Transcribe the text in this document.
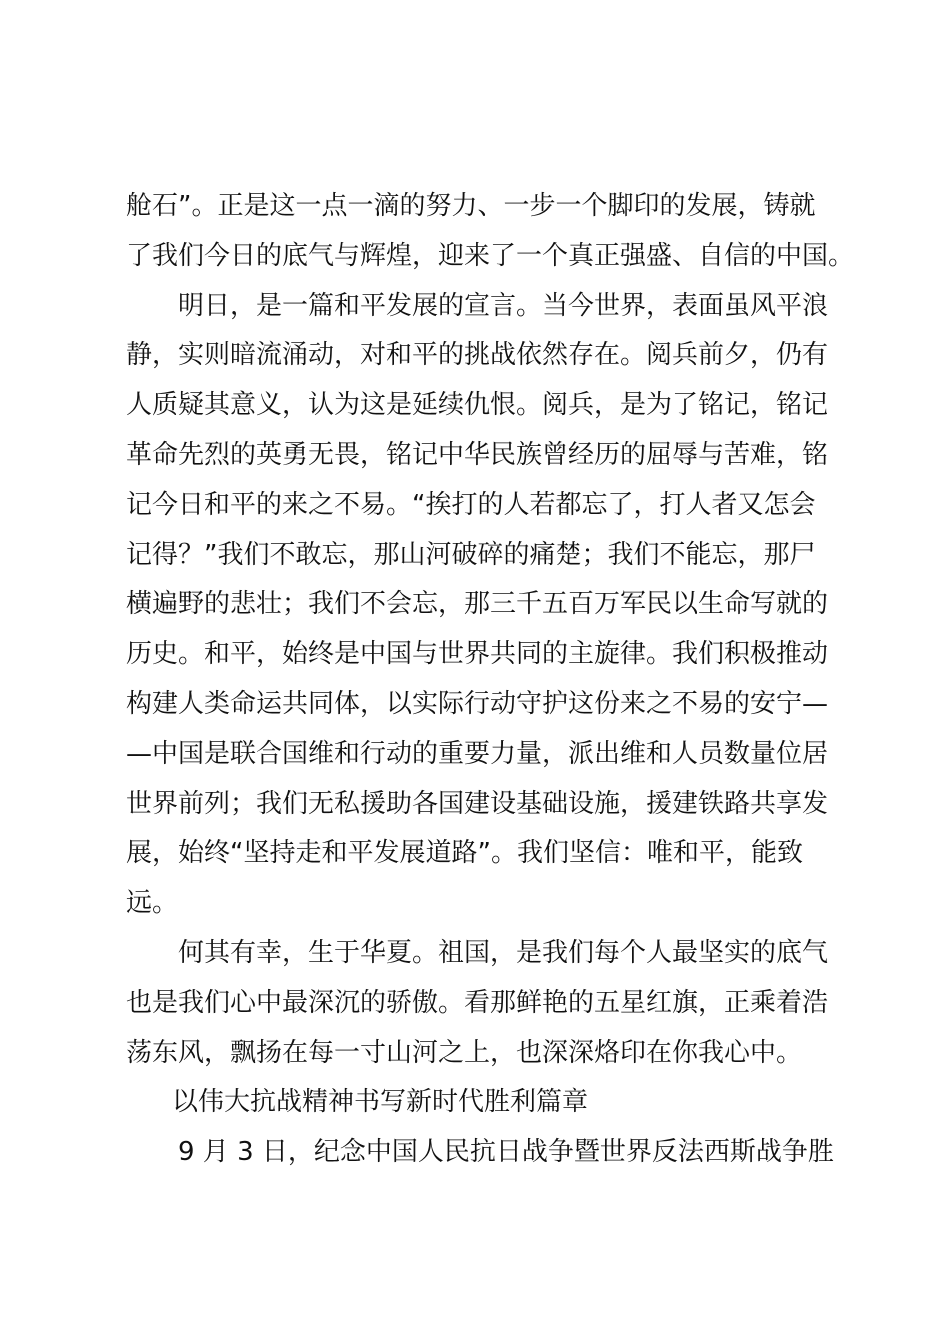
舱石”。正是这一点一滴的努力、一步一个脚印的发展，铸就
了我们今日的底气与辉煌，迎来了一个真正强盛、自信的中国。
明日，是一篇和平发展的宣言。当今世界，表面虽风平浪
静，实则暗流涌动，对和平的挑战依然存在。阅兵前夕，仍有
人质疑其意义，认为这是延续仇恨。阅兵，是为了铭记，铭记
革命先烈的英勇无畏，铭记中华民族曾经历的屈辱与苦难，铭
记今日和平的来之不易。“挨打的人若都忘了，打人者又怎会
记得？”我们不敢忘，那山河破碎的痛楚；我们不能忘，那尸
横遍野的悲壮；我们不会忘，那三千五百万军民以生命写就的
历史。和平，始终是中国与世界共同的主旋律。我们积极推动
构建人类命运共同体，以实际行动守护这份来之不易的安宁—
—中国是联合国维和行动的重要力量，派出维和人员数量位居
世界前列；我们无私援助各国建设基础设施，援建铁路共享发
展，始终“坚持走和平发展道路”。我们坚信：唯和平，能致
远。
何其有幸，生于华夏。祖国，是我们每个人最坚实的底气
也是我们心中最深沉的骄傲。看那鲜艳的五星红旗，正乘着浩
荡东风，飘扬在每一寸山河之上，也深深烙印在你我心中。
以伟大抗战精神书写新时代胜利篇章
9 月 3 日，纪念中国人民抗日战争暨世界反法西斯战争胜
